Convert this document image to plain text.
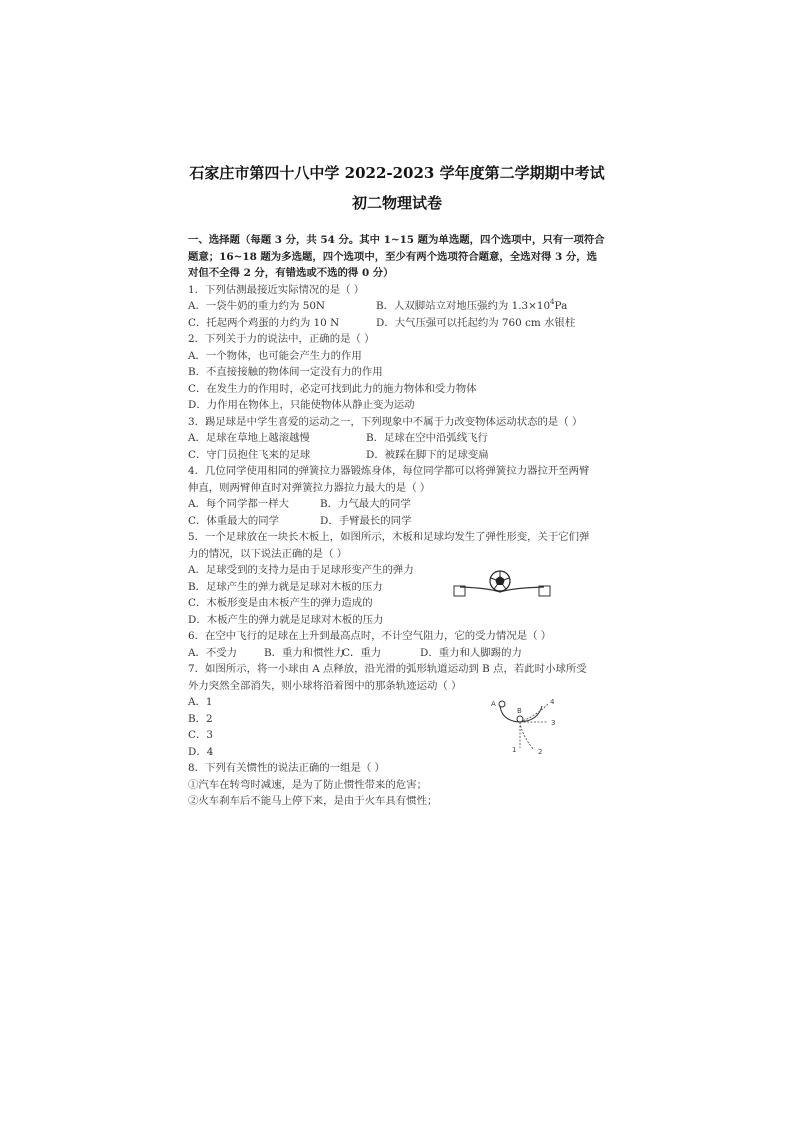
石家庄市第四十八中学 2022-2023 学年度第二学期期中考试
初二物理试卷
一、选择题（每题 3 分，共 54 分。其中 1~15 题为单选题，四个选项中，只有一项符合
题意；16~18 题为多选题，四个选项中，至少有两个选项符合题意，全选对得 3 分，选
对但不全得 2 分，有错选或不选的得 0 分）
1．下列估测最接近实际情况的是（ ）
A．一袋牛奶的重力约为 50N	B．人双脚站立对地压强约为 $1.3\times 10^4Pa$
C．托起两个鸡蛋的力约为 10 N	D．大气压强可以托起约为 760 cm 水银柱
2．下列关于力的说法中，正确的是（ ）
A．一个物体，也可能会产生力的作用
B．不直接接触的物体间一定没有力的作用
C．在发生力的作用时，必定可找到此力的施力物体和受力物体
D．力作用在物体上，只能使物体从静止变为运动
3．踢足球是中学生喜爱的运动之一，下列现象中不属于力改变物体运动状态的是（ ）
A．足球在草地上越滚越慢	B．足球在空中沿弧线飞行
C．守门员抱住飞来的足球	D．被踩在脚下的足球变扁
4．几位同学使用相同的弹簧拉力器锻炼身体，每位同学都可以将弹簧拉力器拉开至两臂
伸直，则两臂伸直时对弹簧拉力器拉力最大的是（ ）
A．每个同学都一样大	B．力气最大的同学
C．体重最大的同学	D．手臂最长的同学
5．一个足球放在一块长木板上，如图所示，木板和足球均发生了弹性形变，关于它们弹
力的情况，以下说法正确的是（ ）
A．足球受到的支持力是由于足球形变产生的弹力
B．足球产生的弹力就是足球对木板的压力
C．木板形变是由木板产生的弹力造成的
D．木板产生的弹力就是足球对木板的压力
6．在空中飞行的足球在上升到最高点时，不计空气阻力，它的受力情况是（ ）
A．不受力	B．重力和惯性力
C．重力	D．重力和人脚踢的力
7．如图所示，将一小球由 A 点释放，沿光滑的弧形轨道运动到 B 点，若此时小球所受
外力突然全部消失，则小球将沿着图中的那条轨迹运动（ ）
A．1
B．2
C．3
D．4
8．下列有关惯性的说法正确的一组是（ ）
①汽车在转弯时减速，是为了防止惯性带来的危害；
②火车刹车后不能马上停下来，是由于火车具有惯性；
A
B
1	2
3
4
